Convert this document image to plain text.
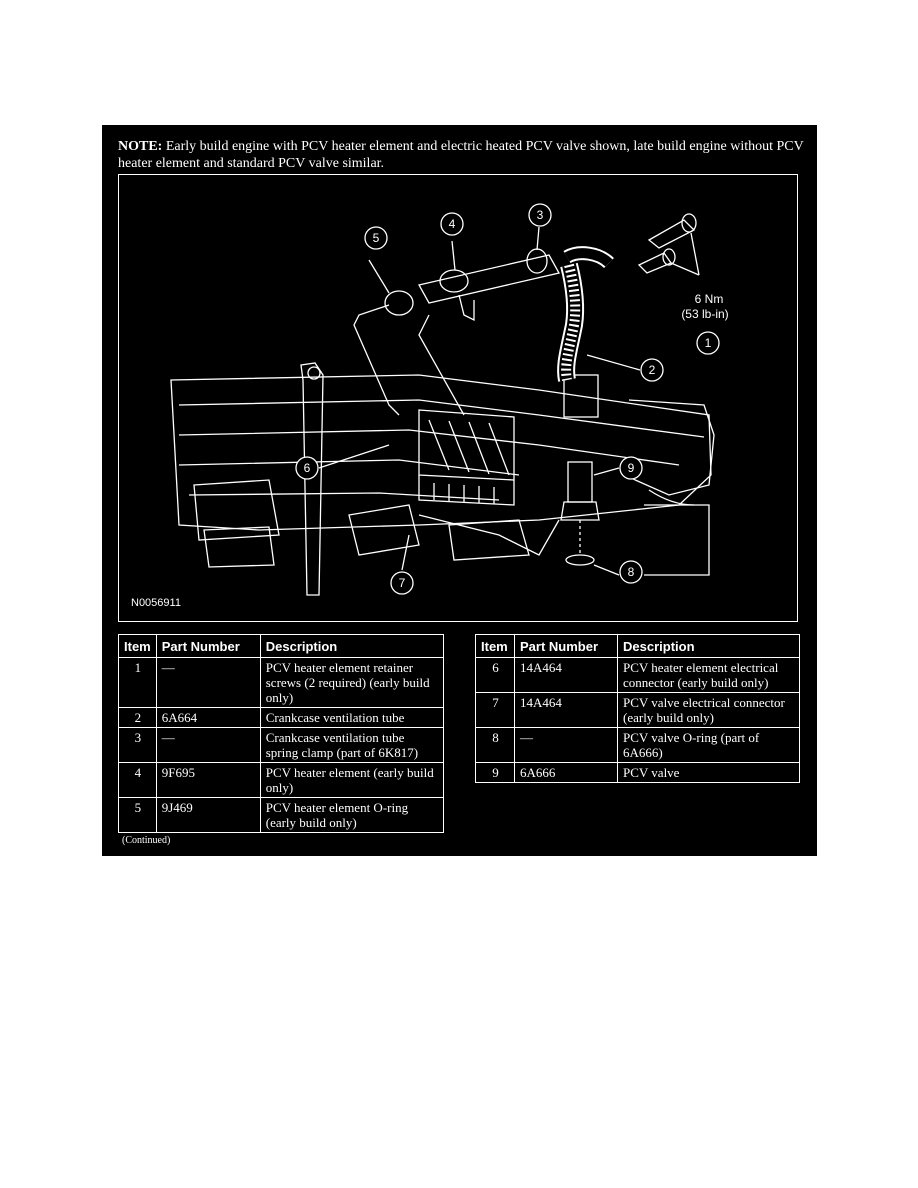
NOTE: Early build engine with PCV heater element and electric heated PCV valve shown, late build engine without PCV heater element and standard PCV valve similar.
1
2
3
4
5
6
7
8
9
6 Nm
(53 lb-in)
N0056911
Item	Part Number	Description
1	—	PCV heater element retainer screws (2 required) (early build only)
2	6A664	Crankcase ventilation tube
3	—	Crankcase ventilation tube spring clamp (part of 6K817)
4	9F695	PCV heater element (early build only)
5	9J469	PCV heater element O-ring (early build only)
Item	Part Number	Description
6	14A464	PCV heater element electrical connector (early build only)
7	14A464	PCV valve electrical connector (early build only)
8	—	PCV valve O-ring (part of 6A666)
9	6A666	PCV valve
(Continued)
